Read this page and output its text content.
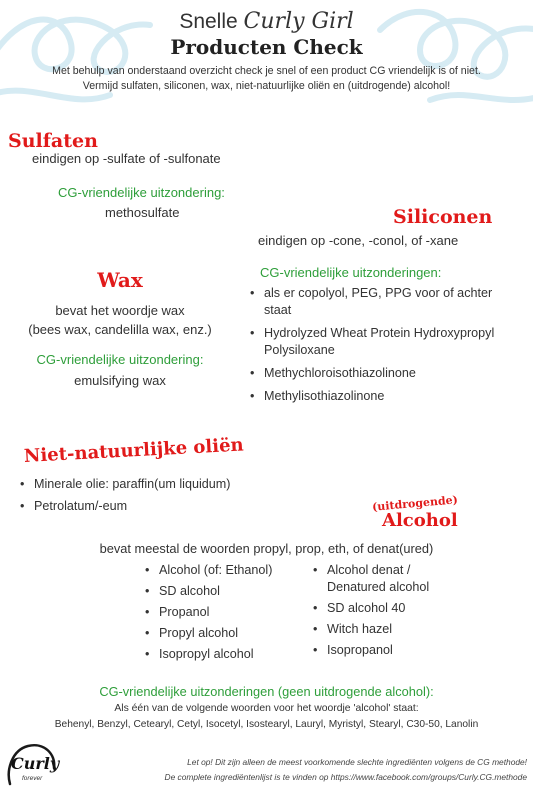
Snelle Curly Girl
Producten Check
Met behulp van onderstaand overzicht check je snel of een product CG vriendelijk is of niet.
Vermijd sulfaten, siliconen, wax, niet-natuurlijke oliën en (uitdrogende) alcohol!
Sulfaten
eindigen op -sulfate of -sulfonate
CG-vriendelijke uitzondering:
methosulfate	Siliconen
eindigen op -cone, -conol, of -xane
CG-vriendelijke uitzonderingen:
• als er copolyol, PEG, PPG voor of achter staat
• Hydrolyzed Wheat Protein Hydroxypropyl Polysiloxane
• Methychloroisothiazolinone
• Methylisothiazolinone
Wax
bevat het woordje wax
(bees wax, candelilla wax, enz.)
CG-vriendelijke uitzondering:
emulsifying wax
Niet-natuurlijke oliën
• Minerale olie: paraffin(um liquidum)
• Petrolatum/-eum	(uitdrogende)
Alcohol
bevat meestal de woorden propyl, prop, eth, of denat(ured)
• Alcohol (of: Ethanol)
• SD alcohol
• Propanol
• Propyl alcohol
• Isopropyl alcohol
• Alcohol denat / Denatured alcohol
• SD alcohol 40
• Witch hazel
• Isopropanol
CG-vriendelijke uitzonderingen (geen uitdrogende alcohol):
Als één van de volgende woorden voor het woordje 'alcohol' staat:
Behenyl, Benzyl, Cetearyl, Cetyl, Isocetyl, Isostearyl, Lauryl, Myristyl, Stearyl, C30-50, Lanolin
Curly
forever
Let op! Dit zijn alleen de meest voorkomende slechte ingrediënten volgens de CG methode!
De complete ingrediëntenlijst is te vinden op https://www.facebook.com/groups/Curly.CG.methode
